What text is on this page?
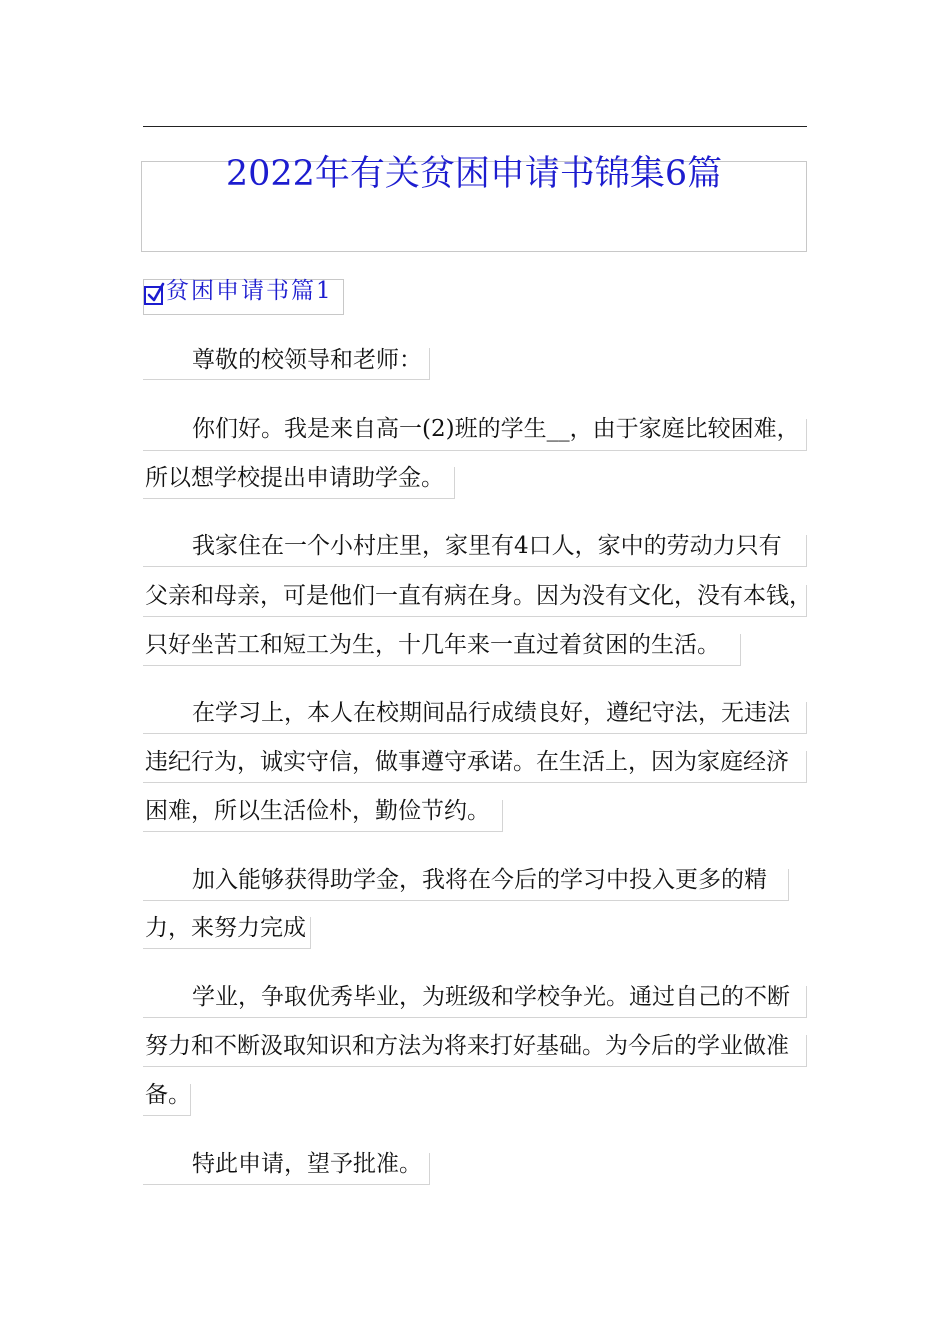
2022年有关贫困申请书锦集6篇
贫困申请书篇1
尊敬的校领导和老师：
你们好。我是来自高一(2)班的学生__，由于家庭比较困难，
所以想学校提出申请助学金。
我家住在一个小村庄里，家里有4口人，家中的劳动力只有
父亲和母亲，可是他们一直有病在身。因为没有文化，没有本钱，
只好坐苦工和短工为生，十几年来一直过着贫困的生活。
在学习上，本人在校期间品行成绩良好，遵纪守法，无违法
违纪行为，诚实守信，做事遵守承诺。在生活上，因为家庭经济
困难，所以生活俭朴，勤俭节约。
加入能够获得助学金，我将在今后的学习中投入更多的精
力，来努力完成
学业，争取优秀毕业，为班级和学校争光。通过自己的不断
努力和不断汲取知识和方法为将来打好基础。为今后的学业做准
备。
特此申请，望予批准。
